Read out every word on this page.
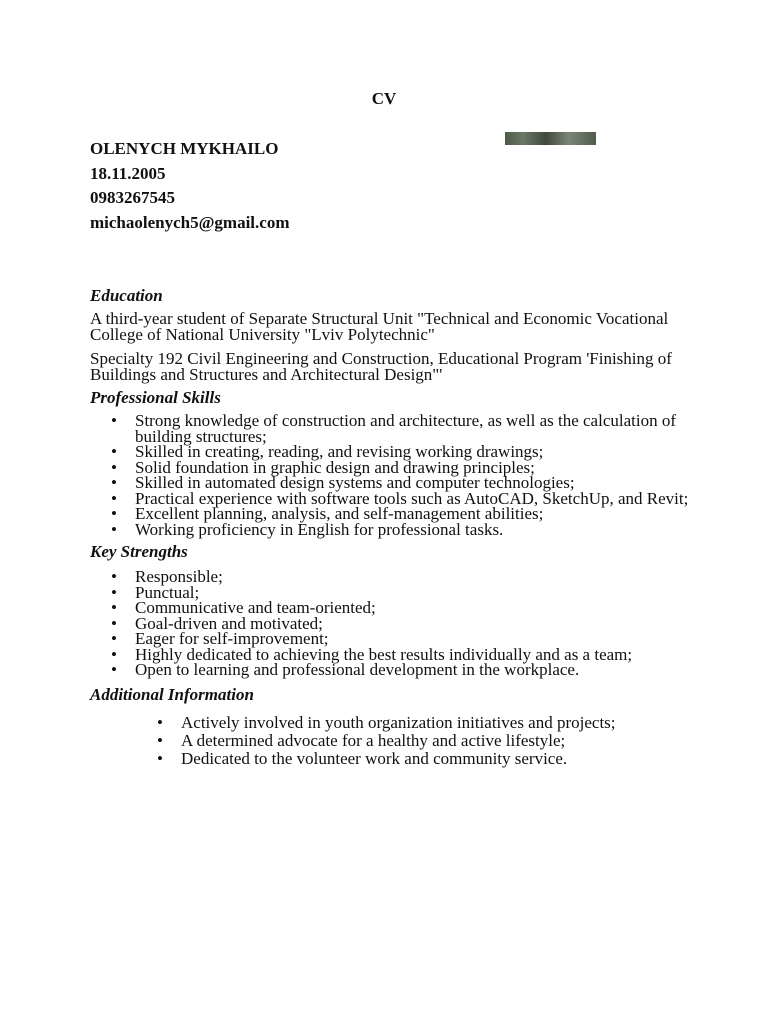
CV
OLENYCH MYKHAILO
18.11.2005
0983267545
michaolenych5@gmail.com

Education

A third-year student of Separate Structural Unit "Technical and Economic Vocational College of National University "Lviv Polytechnic"

Specialty 192 Civil Engineering and Construction, Educational Program 'Finishing of Buildings and Structures and Architectural Design"'

Professional Skills

• Strong knowledge of construction and architecture, as well as the calculation of building structures;
• Skilled in creating, reading, and revising working drawings;
• Solid foundation in graphic design and drawing principles;
• Skilled in automated design systems and computer technologies;
• Practical experience with software tools such as AutoCAD, SketchUp, and Revit;
• Excellent planning, analysis, and self-management abilities;
• Working proficiency in English for professional tasks.

Key Strengths

• Responsible;
• Punctual;
• Communicative and team-oriented;
• Goal-driven and motivated;
• Eager for self-improvement;
• Highly dedicated to achieving the best results individually and as a team;
• Open to learning and professional development in the workplace.

Additional Information

• Actively involved in youth organization initiatives and projects;
• A determined advocate for a healthy and active lifestyle;
• Dedicated to the volunteer work and community service.
